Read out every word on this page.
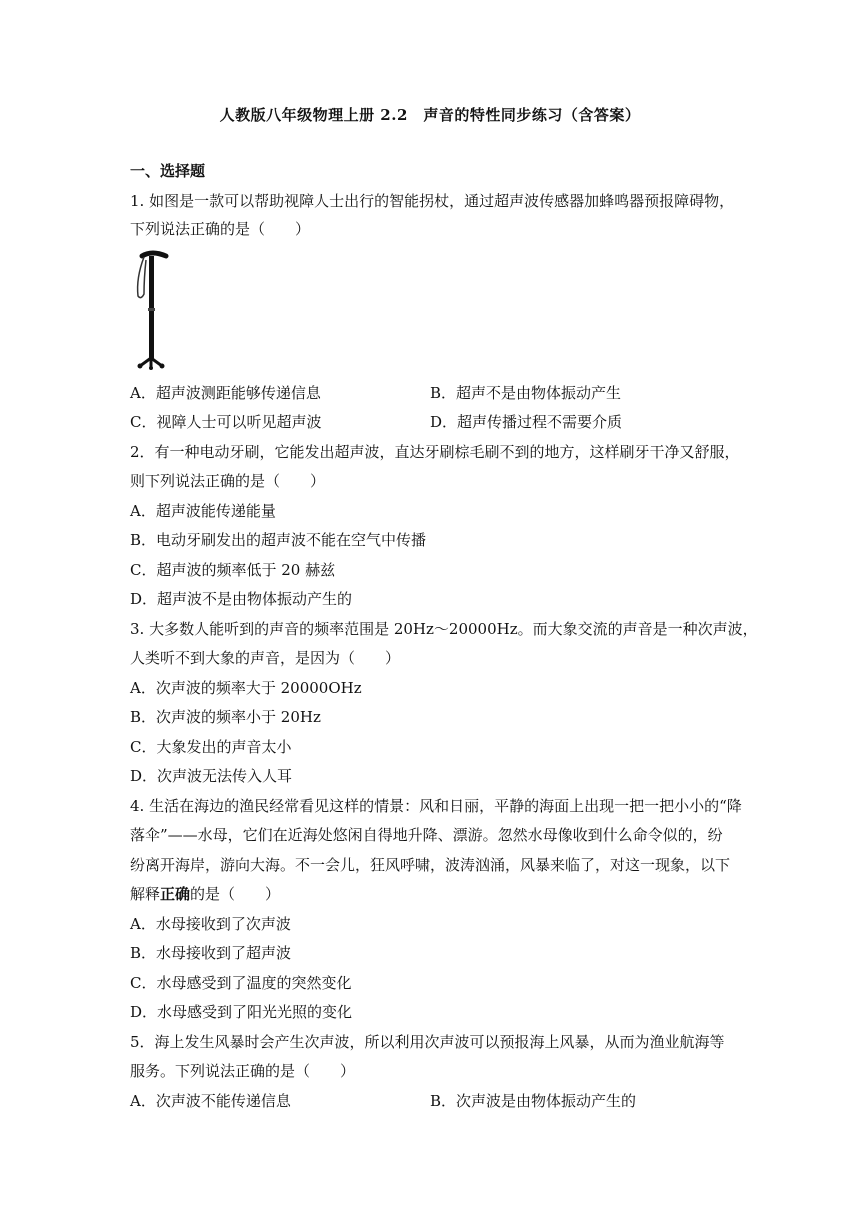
人教版八年级物理上册 2.2　声音的特性同步练习（含答案）
一、选择题
1. 如图是一款可以帮助视障人士出行的智能拐杖，通过超声波传感器加蜂鸣器预报障碍物，
下列说法正确的是（　　）
A．超声波测距能够传递信息	B．超声不是由物体振动产生
C．视障人士可以听见超声波	D．超声传播过程不需要介质
2．有一种电动牙刷，它能发出超声波，直达牙刷棕毛刷不到的地方，这样刷牙干净又舒服，
则下列说法正确的是（　　）
A．超声波能传递能量
B．电动牙刷发出的超声波不能在空气中传播
C．超声波的频率低于 20 赫兹
D．超声波不是由物体振动产生的
3. 大多数人能听到的声音的频率范围是 20Hz～20000Hz。而大象交流的声音是一种次声波，
人类听不到大象的声音，是因为（　　）
A．次声波的频率大于 20000OHz
B．次声波的频率小于 20Hz
C．大象发出的声音太小
D．次声波无法传入人耳
4. 生活在海边的渔民经常看见这样的情景：风和日丽，平静的海面上出现一把一把小小的“降
落伞”——水母，它们在近海处悠闲自得地升降、漂游。忽然水母像收到什么命令似的，纷
纷离开海岸，游向大海。不一会儿，狂风呼啸，波涛汹涌，风暴来临了，对这一现象，以下
解释正确的是（　　）
A．水母接收到了次声波
B．水母接收到了超声波
C．水母感受到了温度的突然变化
D．水母感受到了阳光光照的变化
5．海上发生风暴时会产生次声波，所以利用次声波可以预报海上风暴，从而为渔业航海等
服务。下列说法正确的是（　　）
A．次声波不能传递信息	B．次声波是由物体振动产生的
